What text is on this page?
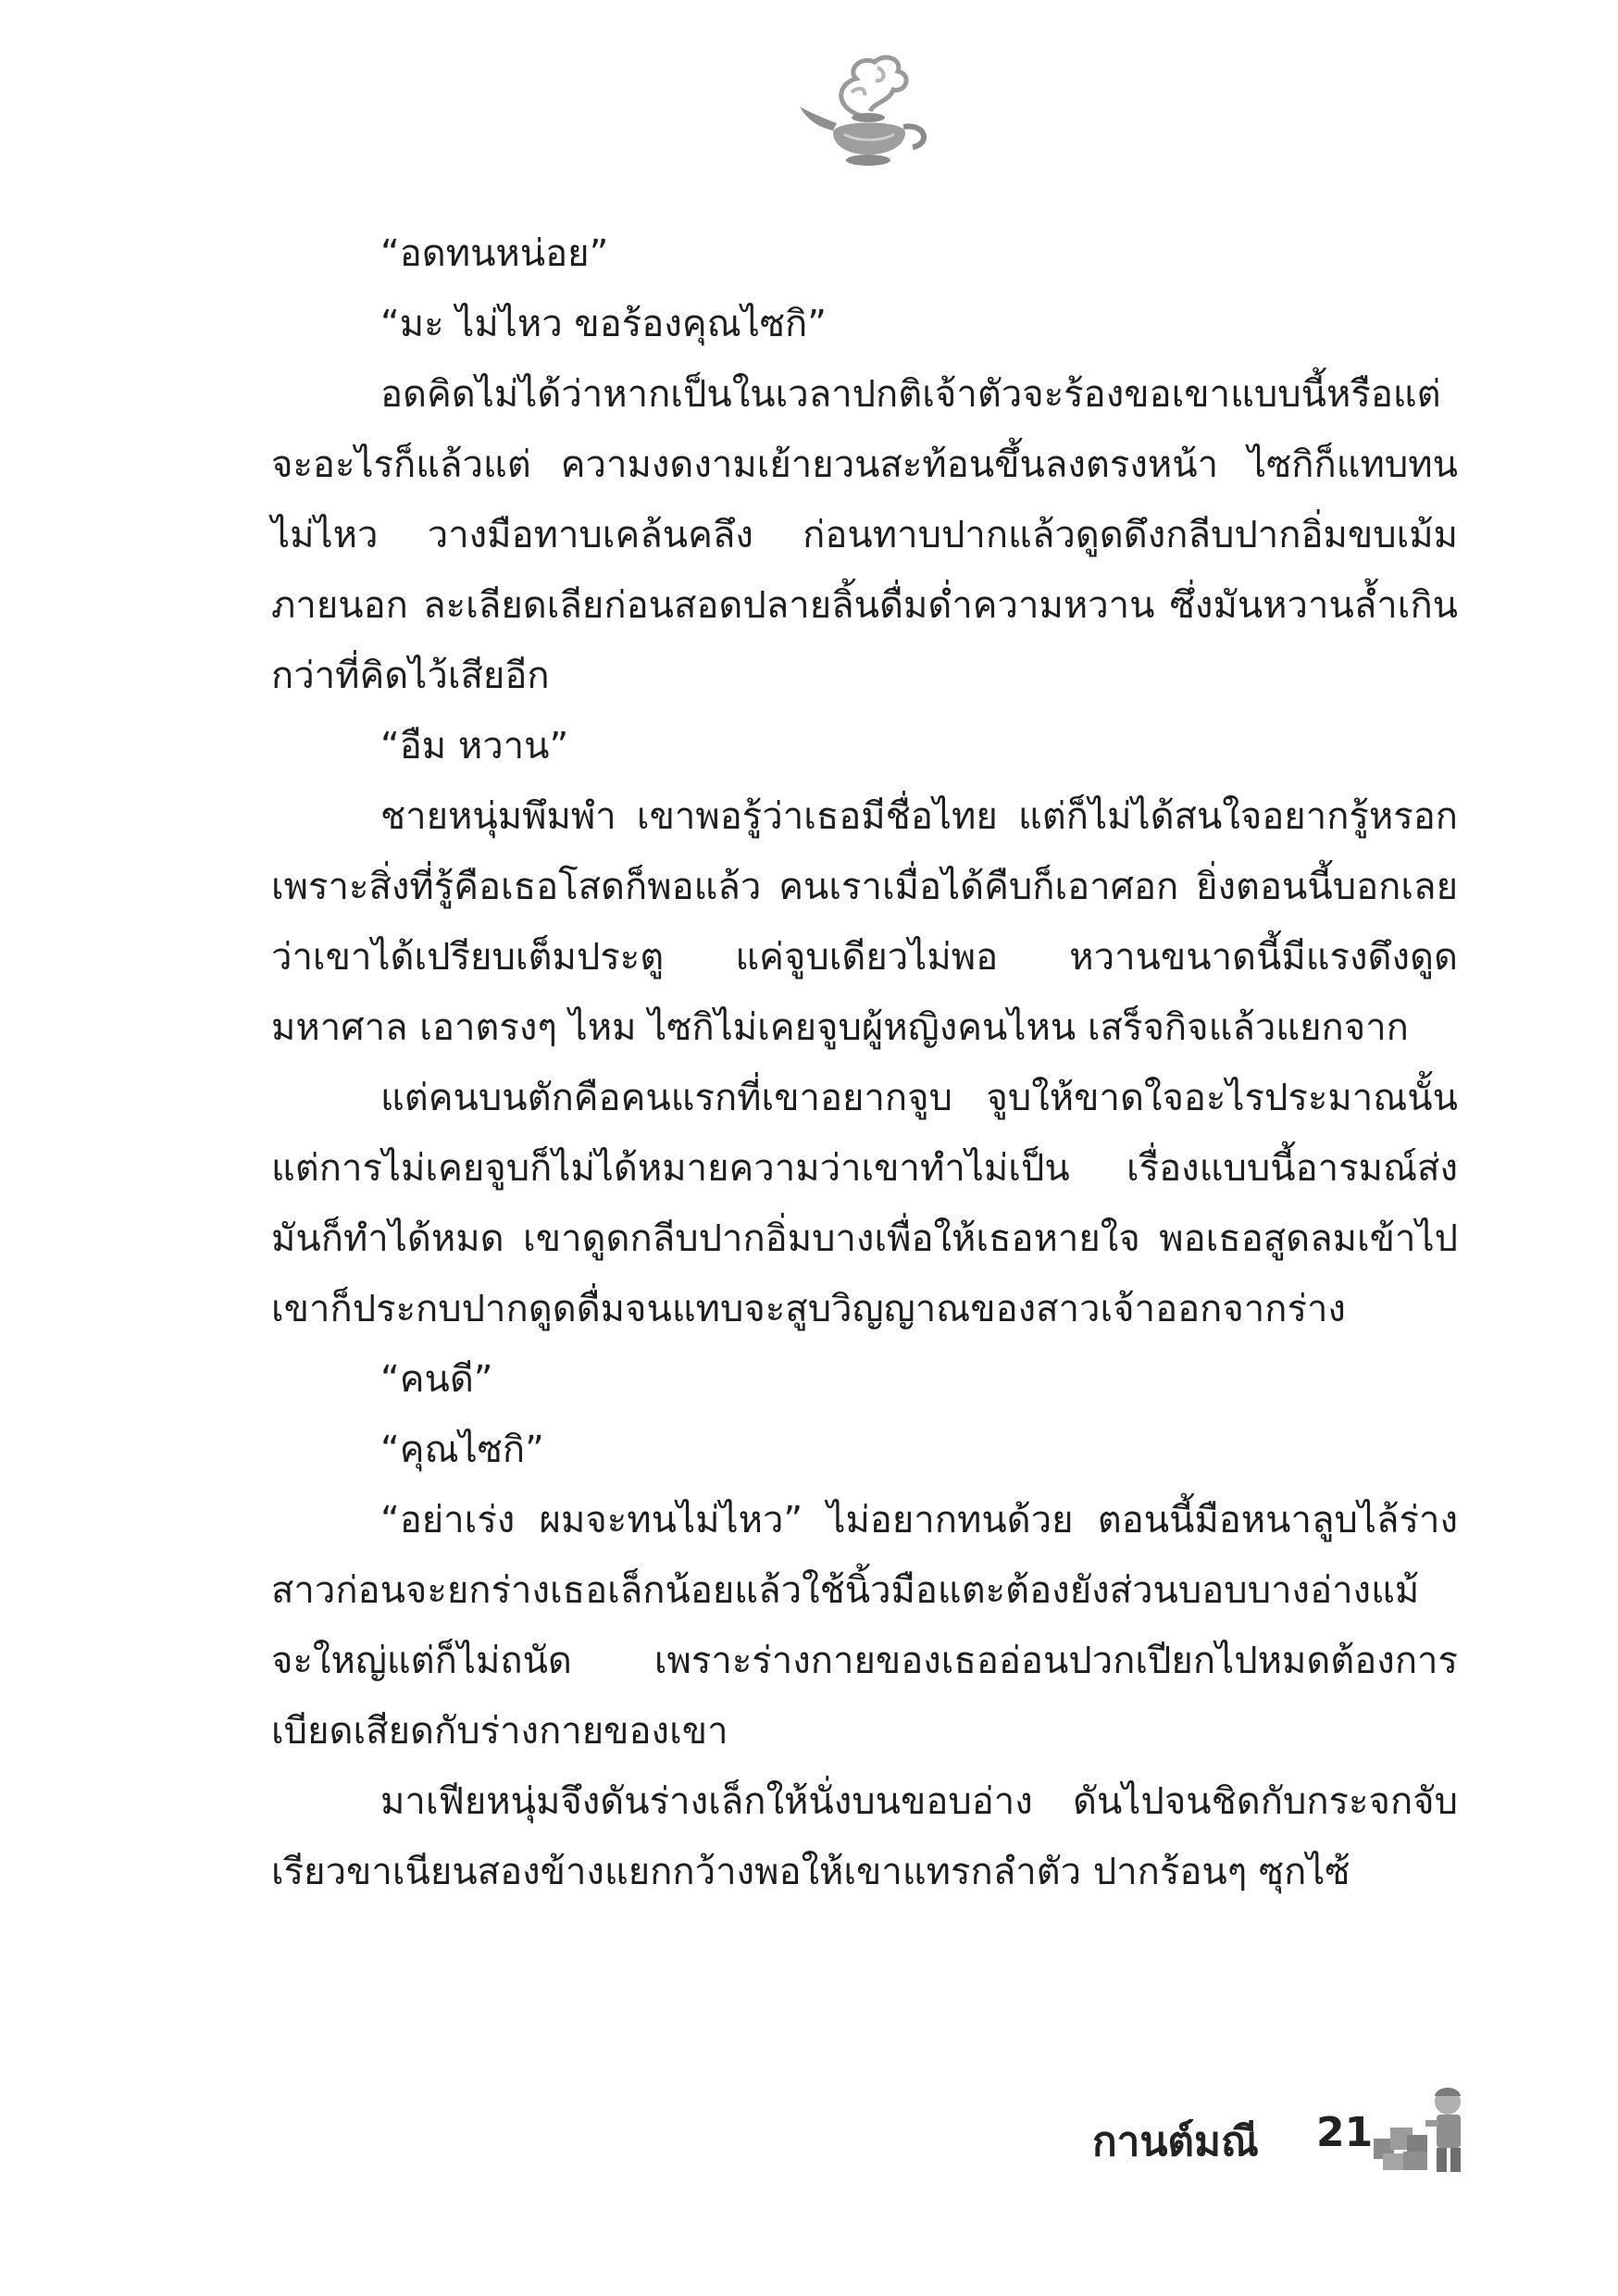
“อดทนหน่อย”

“มะ ไม่ไหว ขอร้องคุณไซกิ”

อดคิดไม่ได้ว่าหากเป็นในเวลาปกติเจ้าตัวจะร้องขอเขาแบบนี้หรือแต่จะอะไรก็แล้วแต่ ความงดงามเย้ายวนสะท้อนขึ้นลงตรงหน้า ไซกิก็แทบทนไม่ไหว วางมือทาบเคล้นคลึง ก่อนทาบปากแล้วดูดดึงกลีบปากอิ่มขบเม้มภายนอก ละเลียดเลียก่อนสอดปลายลิ้นดื่มด่ำความหวาน ซึ่งมันหวานล้ำเกินกว่าที่คิดไว้เสียอีก

“อืม หวาน”

ชายหนุ่มพึมพำ เขาพอรู้ว่าเธอมีชื่อไทย แต่ก็ไม่ได้สนใจอยากรู้หรอกเพราะสิ่งที่รู้คือเธอโสดก็พอแล้ว คนเราเมื่อได้คืบก็เอาศอก ยิ่งตอนนี้บอกเลยว่าเขาได้เปรียบเต็มประตู แค่จูบเดียวไม่พอ หวานขนาดนี้มีแรงดึงดูดมหาศาล เอาตรงๆ ไหม ไซกิไม่เคยจูบผู้หญิงคนไหน เสร็จกิจแล้วแยกจาก

แต่คนบนตักคือคนแรกที่เขาอยากจูบ จูบให้ขาดใจอะไรประมาณนั้นแต่การไม่เคยจูบก็ไม่ได้หมายความว่าเขาทำไม่เป็น เรื่องแบบนี้อารมณ์ส่งมันก็ทำได้หมด เขาดูดกลีบปากอิ่มบางเพื่อให้เธอหายใจ พอเธอสูดลมเข้าไปเขาก็ประกบปากดูดดื่มจนแทบจะสูบวิญญาณของสาวเจ้าออกจากร่าง

“คนดี”

“คุณไซกิ”

“อย่าเร่ง ผมจะทนไม่ไหว” ไม่อยากทนด้วย ตอนนี้มือหนาลูบไล้ร่างสาวก่อนจะยกร่างเธอเล็กน้อยแล้วใช้นิ้วมือแตะต้องยังส่วนบอบบางอ่างแม้จะใหญ่แต่ก็ไม่ถนัด เพราะร่างกายของเธออ่อนปวกเปียกไปหมดต้องการเบียดเสียดกับร่างกายของเขา

มาเฟียหนุ่มจึงดันร่างเล็กให้นั่งบนขอบอ่าง ดันไปจนชิดกับกระจกจับเรียวขาเนียนสองข้างแยกกว้างพอให้เขาแทรกลำตัว ปากร้อนๆ ซุกไซ้

กานต์มณี 21
